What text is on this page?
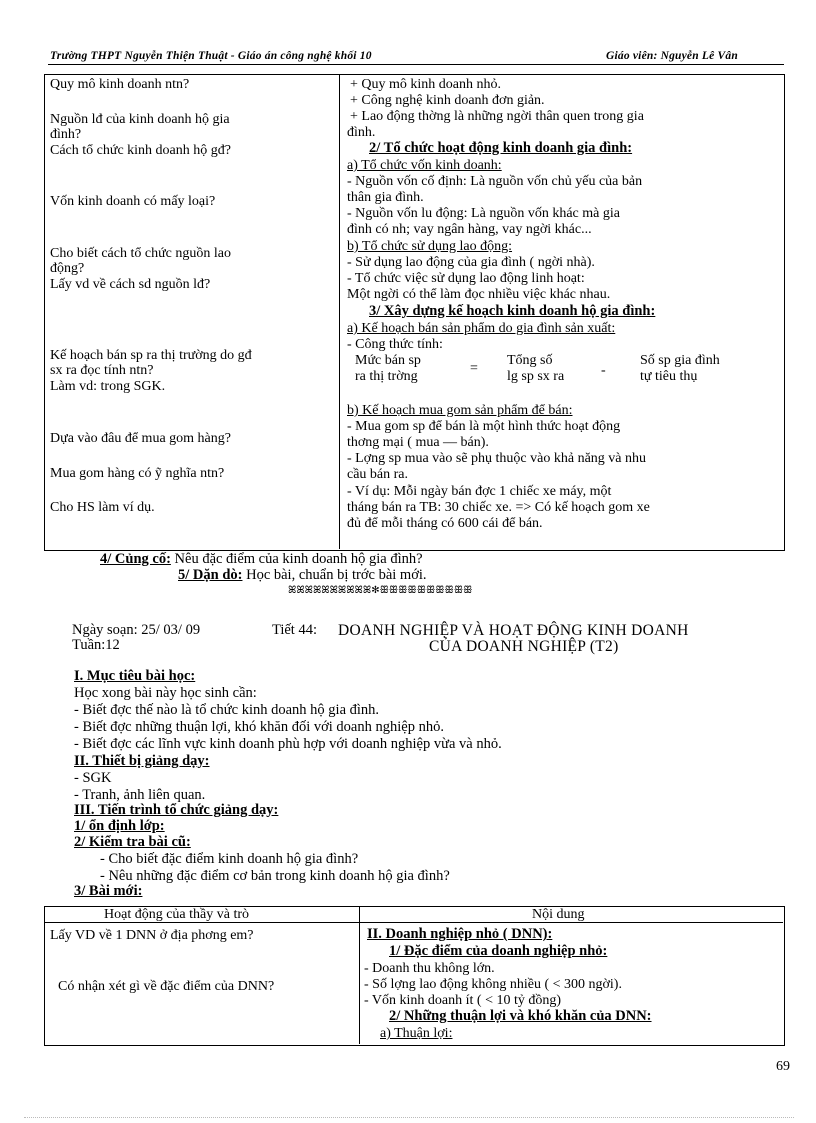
Trường THPT Nguyễn Thiện Thuật - Giáo án công nghệ khối 10	Giáo viên: Nguyễn Lê Vân
Quy mô kinh doanh ntn?
Nguồn lđ của kinh doanh hộ gia
đình?
Cách tổ chức kinh doanh hộ gđ?
Vốn kinh doanh có mấy loại?
Cho biết cách tổ chức nguồn lao
động?
Lấy vd về cách sd nguồn lđ?
Kế hoạch bán sp ra thị trường do gđ
sx ra đọc tính ntn?
Làm vd: trong SGK.
Dựa vào đâu để mua gom hàng?
Mua gom hàng có ỹ nghĩa ntn?
Cho HS làm ví dụ.
+ Quy mô kinh doanh nhỏ.
+ Công nghệ kinh doanh đơn giản.
+ Lao động thờng là những ngời thân quen trong gia
đình.
2/ Tổ chức hoạt động kinh doanh gia đình:
a) Tổ chức vốn kinh doanh:
- Nguồn vốn cố định: Là nguồn vốn chủ yếu của bản
thân gia đình.
- Nguồn vốn lu động: Là nguồn vốn khác mà gia
đình có nh; vay ngân hàng, vay ngời khác...
b) Tổ chức sử dụng lao động:
- Sử dụng lao động của gia đình ( ngời nhà).
- Tổ chức việc sử dụng lao động linh hoạt:
Một ngời có thể làm đọc nhiều việc khác nhau.
3/ Xây dựng kế hoạch kinh doanh hộ gia đình:
a) Kế hoạch bán sản phẩm do gia đình sản xuất:
- Công thức tính:
Mức bán sp
ra thị trờng
=
Tổng số
lg sp sx ra	-
Số sp gia đình
tự tiêu thụ
b) Kế hoạch mua gom sản phẩm để bán:
- Mua gom sp để bán là một hình thức hoạt động
thơng mại ( mua — bán).
- Lợng sp mua vào sẽ phụ thuộc vào khả năng và nhu
cầu bán ra.
- Ví dụ: Mỗi ngày bán đợc 1 chiếc xe máy, một
tháng bán ra TB: 30 chiếc xe. => Có kế hoạch gom xe
đủ để mỗi tháng có 600 cái để bán.
4/ Củng cố: Nêu đặc điểm của kinh doanh hộ gia đình?
5/ Dặn dò: Học bài, chuẩn bị trớc bài mới.
ꕤꕤꕤꕤꕤꕤꕤꕤꕤꕤ✻ꕥꕥꕥꕥꕥꕥꕥꕥꕥꕥ
Ngày soạn: 25/ 03/ 09
Tuần:12
Tiết 44: DOANH NGHIỆP VÀ HOẠT ĐỘNG KINH DOANH
CỦA DOANH NGHIỆP (T2)
I. Mục tiêu bài học:
Học xong bài này học sinh cần:
- Biết đợc thế nào là tổ chức kinh doanh hộ gia đình.
- Biết đợc những thuận lợi, khó khăn đối với doanh nghiệp nhỏ.
- Biết đợc các lĩnh vực kinh doanh phù hợp với doanh nghiệp vừa và nhỏ.
II. Thiết bị giảng dạy:
- SGK
- Tranh, ảnh liên quan.
III. Tiến trình tổ chức giảng dạy:
1/ ổn định lớp:
2/ Kiểm tra bài cũ:
- Cho biết đặc điểm kinh doanh hộ gia đình?
- Nêu những đặc điểm cơ bản trong kinh doanh hộ gia đình?
3/ Bài mới:
Hoạt động của thầy và trò	Nội dung
Lấy VD về 1 DNN ở địa phơng em?
Có nhận xét gì về đặc điểm của DNN?
II. Doanh nghiệp nhỏ ( DNN):
1/ Đặc điểm của doanh nghiệp nhỏ:
- Doanh thu không lớn.
- Số lợng lao động không nhiều ( < 300 ngời).
- Vốn kinh doanh ít ( < 10 tỷ đồng)
2/ Những thuận lợi và khó khăn của DNN:
a) Thuận lợi:
69
